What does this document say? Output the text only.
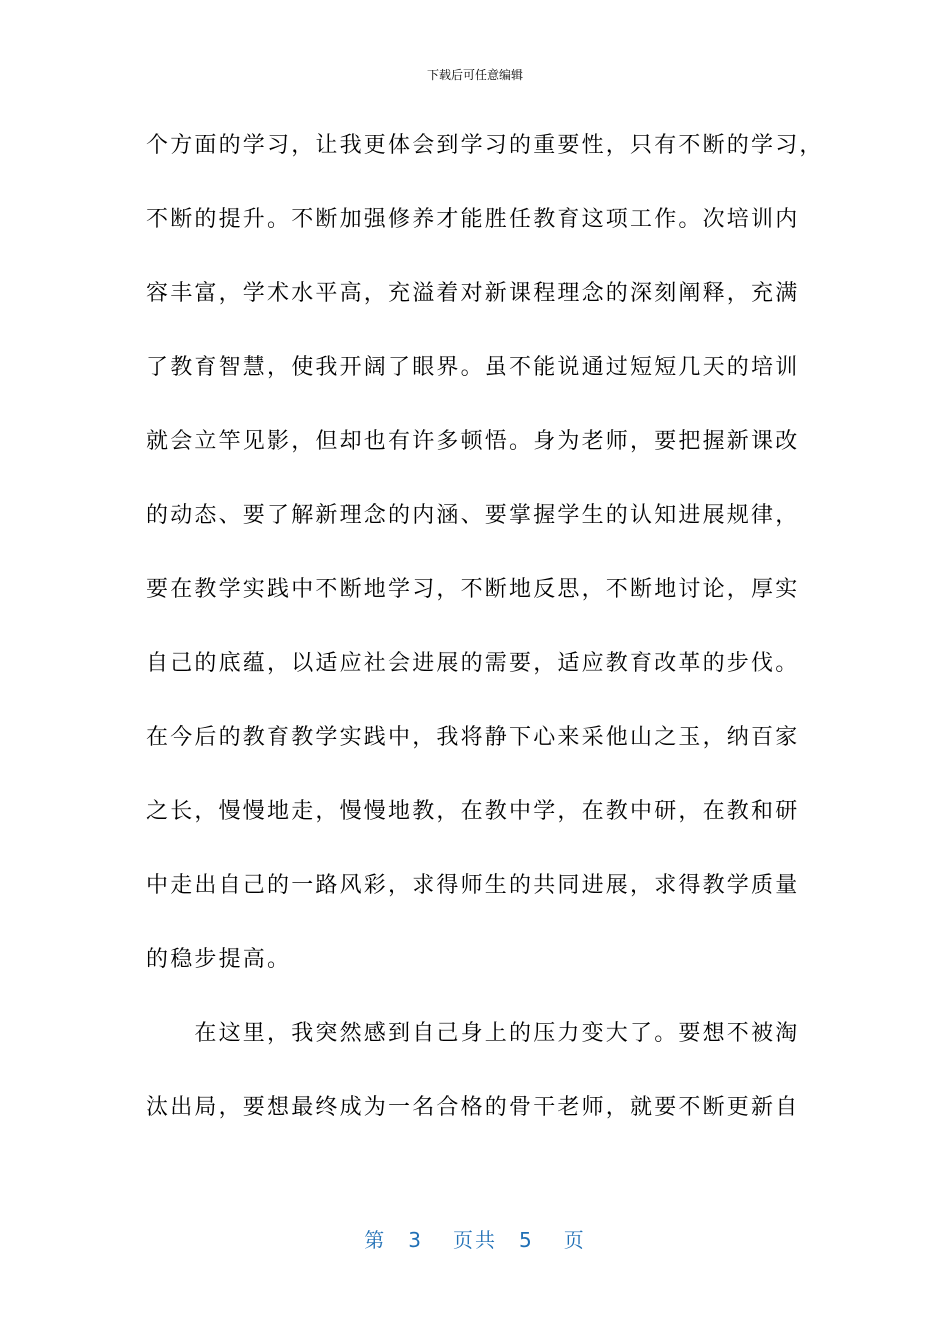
下载后可任意编辑
个方面的学习，让我更体会到学习的重要性，只有不断的学习，
不断的提升。不断加强修养才能胜任教育这项工作。次培训内
容丰富，学术水平高，充溢着对新课程理念的深刻阐释，充满
了教育智慧，使我开阔了眼界。虽不能说通过短短几天的培训
就会立竿见影，但却也有许多顿悟。身为老师，要把握新课改
的动态、要了解新理念的内涵、要掌握学生的认知进展规律，
要在教学实践中不断地学习，不断地反思，不断地讨论，厚实
自己的底蕴，以适应社会进展的需要，适应教育改革的步伐。
在今后的教育教学实践中，我将静下心来采他山之玉，纳百家
之长，慢慢地走，慢慢地教，在教中学，在教中研，在教和研
中走出自己的一路风彩，求得师生的共同进展，求得教学质量
的稳步提高。
　　在这里，我突然感到自己身上的压力变大了。要想不被淘
汰出局，要想最终成为一名合格的骨干老师，就要不断更新自
第 3 页共 5 页
